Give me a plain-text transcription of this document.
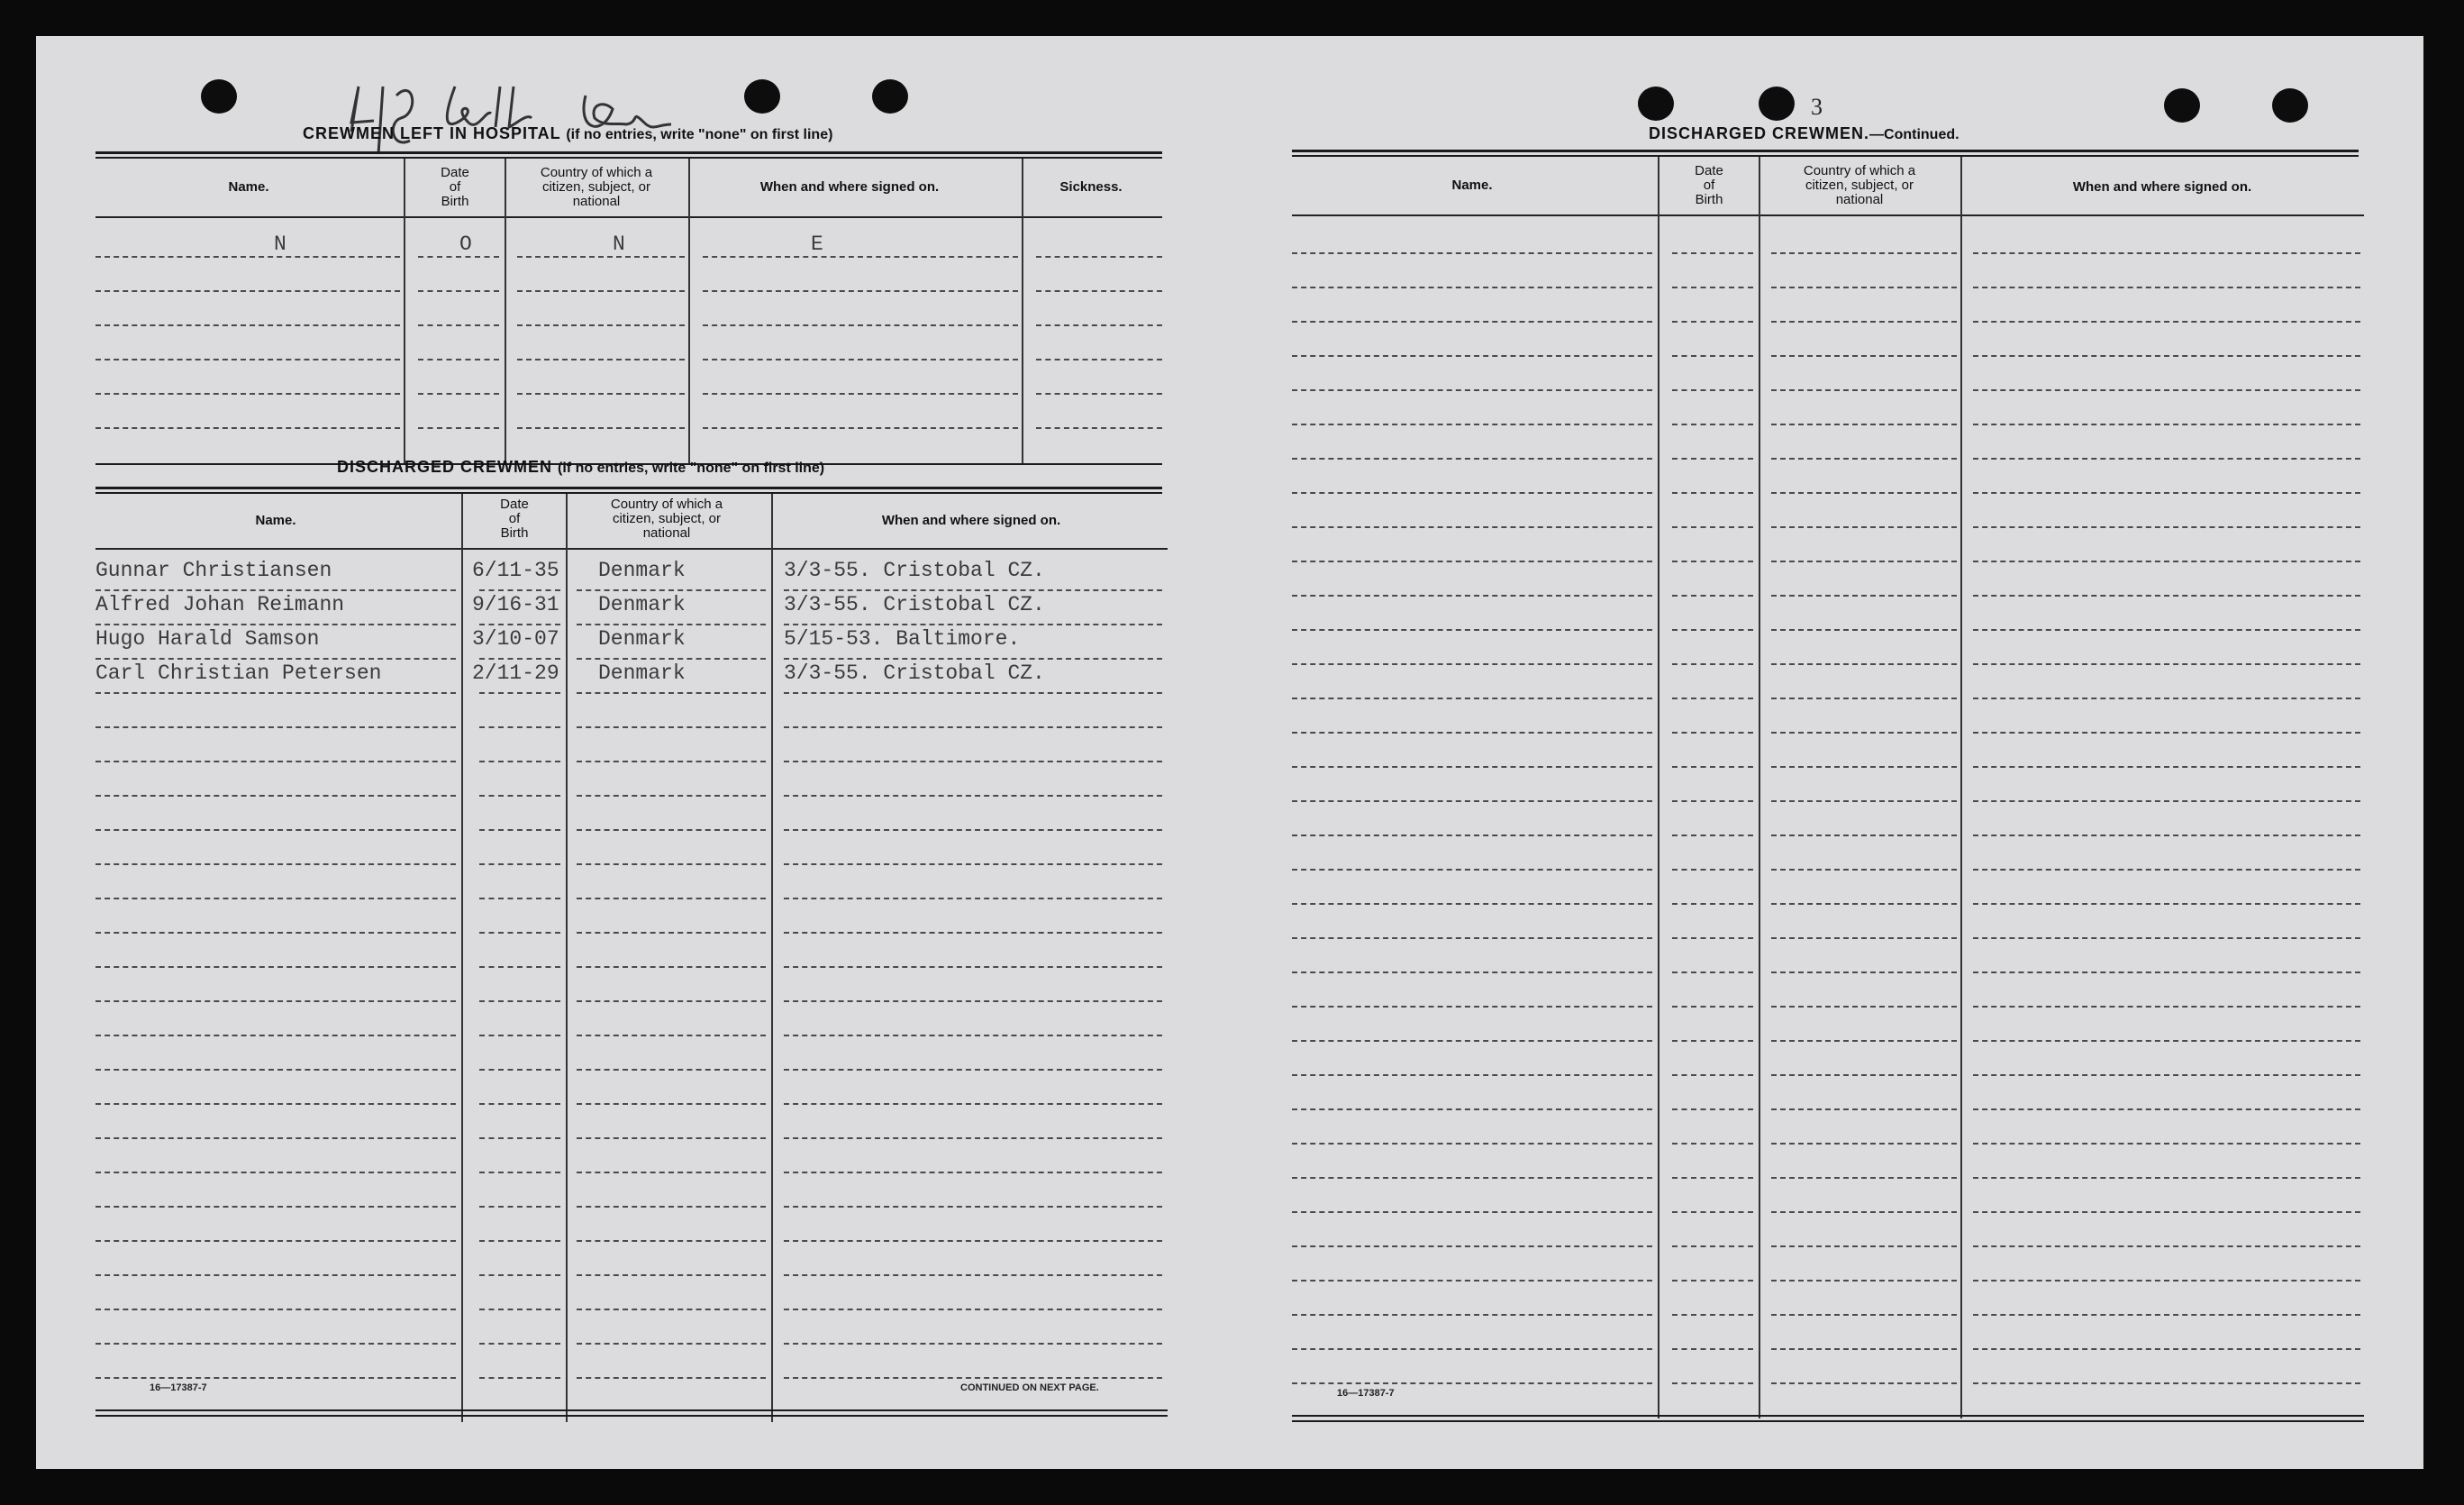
3
CREWMEN LEFT IN HOSPITAL (if no entries, write "none" on first line)
Name.
Date
of
Birth
Country of which a
citizen, subject, or
national
When and where signed on.	Sickness.
N	O	N	E
DISCHARGED CREWMEN (if no entries, write "none" on first line)
Name.
Date
of
Birth
Country of which a
citizen, subject, or
national
When and where signed on.
Gunnar Christiansen	6/11-35 Denmark	3/3-55. Cristobal CZ.
Alfred Johan Reimann	9/16-31 Denmark	3/3-55. Cristobal CZ.
Hugo Harald Samson	3/10-07 Denmark	5/15-53. Baltimore.
Carl Christian Petersen	2/11-29 Denmark	3/3-55. Cristobal CZ.
16—17387-7	CONTINUED ON NEXT PAGE.
DISCHARGED CREWMEN.—Continued.
Name.
Date
of
Birth
Country of which a
citizen, subject, or
national
When and where signed on.
16—17387-7
